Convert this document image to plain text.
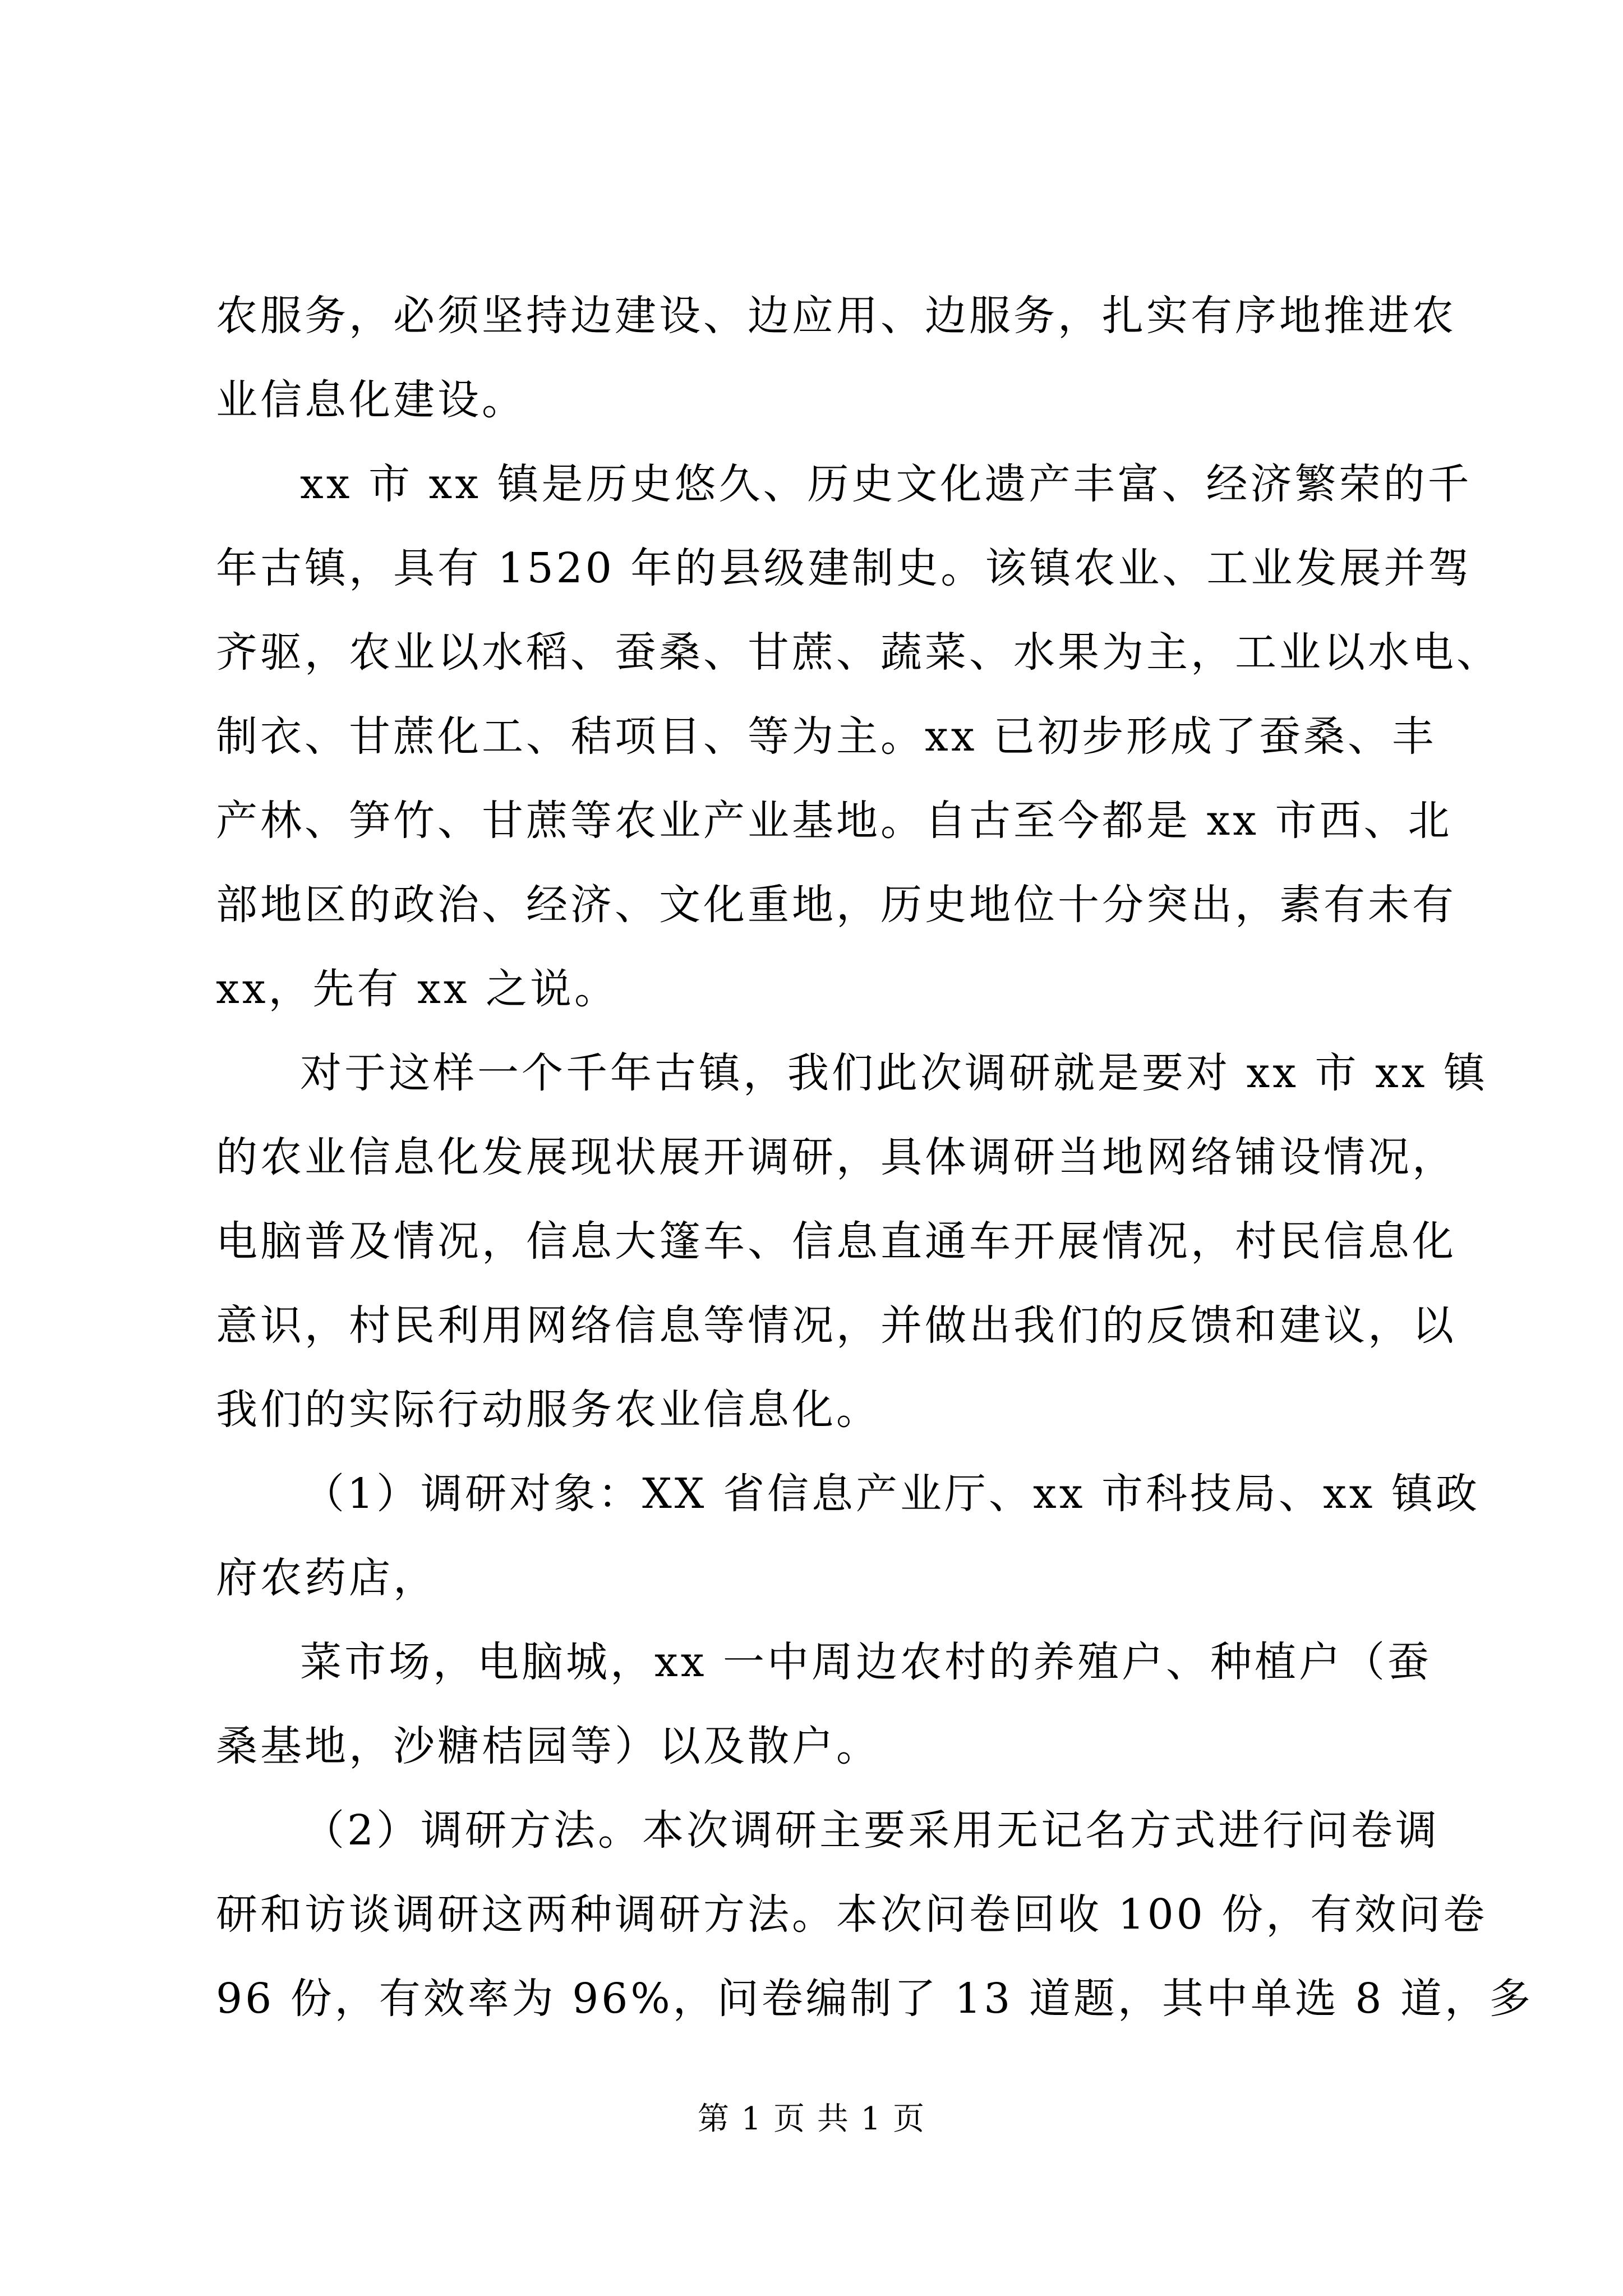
农服务，必须坚持边建设、边应用、边服务，扎实有序地推进农
业信息化建设。
xx 市 xx 镇是历史悠久、历史文化遗产丰富、经济繁荣的千
年古镇，具有 1520 年的县级建制史。该镇农业、工业发展并驾
齐驱，农业以水稻、蚕桑、甘蔗、蔬菜、水果为主，工业以水电、
制衣、甘蔗化工、秸项目、等为主。xx 已初步形成了蚕桑、丰
产林、笋竹、甘蔗等农业产业基地。自古至今都是 xx 市西、北
部地区的政治、经济、文化重地，历史地位十分突出，素有未有
xx，先有 xx 之说。
对于这样一个千年古镇，我们此次调研就是要对 xx 市 xx 镇
的农业信息化发展现状展开调研，具体调研当地网络铺设情况，
电脑普及情况，信息大篷车、信息直通车开展情况，村民信息化
意识，村民利用网络信息等情况，并做出我们的反馈和建议，以
我们的实际行动服务农业信息化。
（1）调研对象：XX 省信息产业厅、xx 市科技局、xx 镇政
府农药店，
菜市场，电脑城，xx 一中周边农村的养殖户、种植户（蚕
桑基地，沙糖桔园等）以及散户。
（2）调研方法。本次调研主要采用无记名方式进行问卷调
研和访谈调研这两种调研方法。本次问卷回收 100 份，有效问卷
96 份，有效率为 96%，问卷编制了 13 道题，其中单选 8 道，多
第 1 页 共 1 页
